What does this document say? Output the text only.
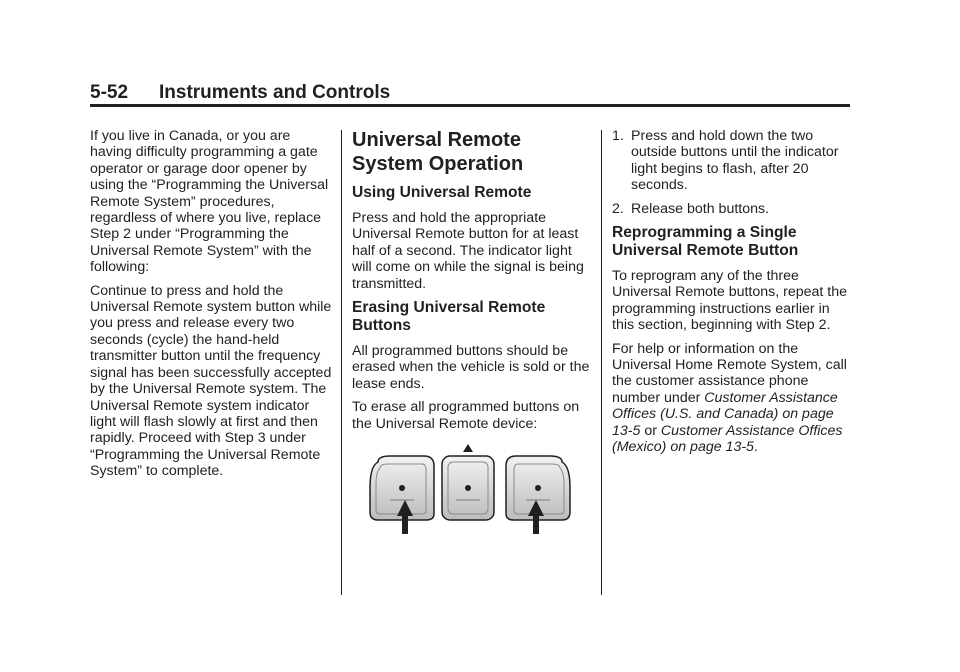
5-52 Instruments and Controls

If you live in Canada, or you are having difficulty programming a gate operator or garage door opener by using the “Programming the Universal Remote System” procedures, regardless of where you live, replace Step 2 under “Programming the Universal Remote System” with the following:

Continue to press and hold the Universal Remote system button while you press and release every two seconds (cycle) the hand-held transmitter button until the frequency signal has been successfully accepted by the Universal Remote system. The Universal Remote system indicator light will flash slowly at first and then rapidly. Proceed with Step 3 under “Programming the Universal Remote System” to complete.

Universal Remote System Operation
Using Universal Remote

Press and hold the appropriate Universal Remote button for at least half of a second. The indicator light will come on while the signal is being transmitted.

Erasing Universal Remote Buttons

All programmed buttons should be erased when the vehicle is sold or the lease ends.

To erase all programmed buttons on the Universal Remote device:

1. Press and hold down the two outside buttons until the indicator light begins to flash, after 20 seconds.
2. Release both buttons.
Reprogramming a Single Universal Remote Button

To reprogram any of the three Universal Remote buttons, repeat the programming instructions earlier in this section, beginning with Step 2.

For help or information on the Universal Home Remote System, call the customer assistance phone number under Customer Assistance Offices (U.S. and Canada) on page 13-5 or Customer Assistance Offices (Mexico) on page 13-5.
